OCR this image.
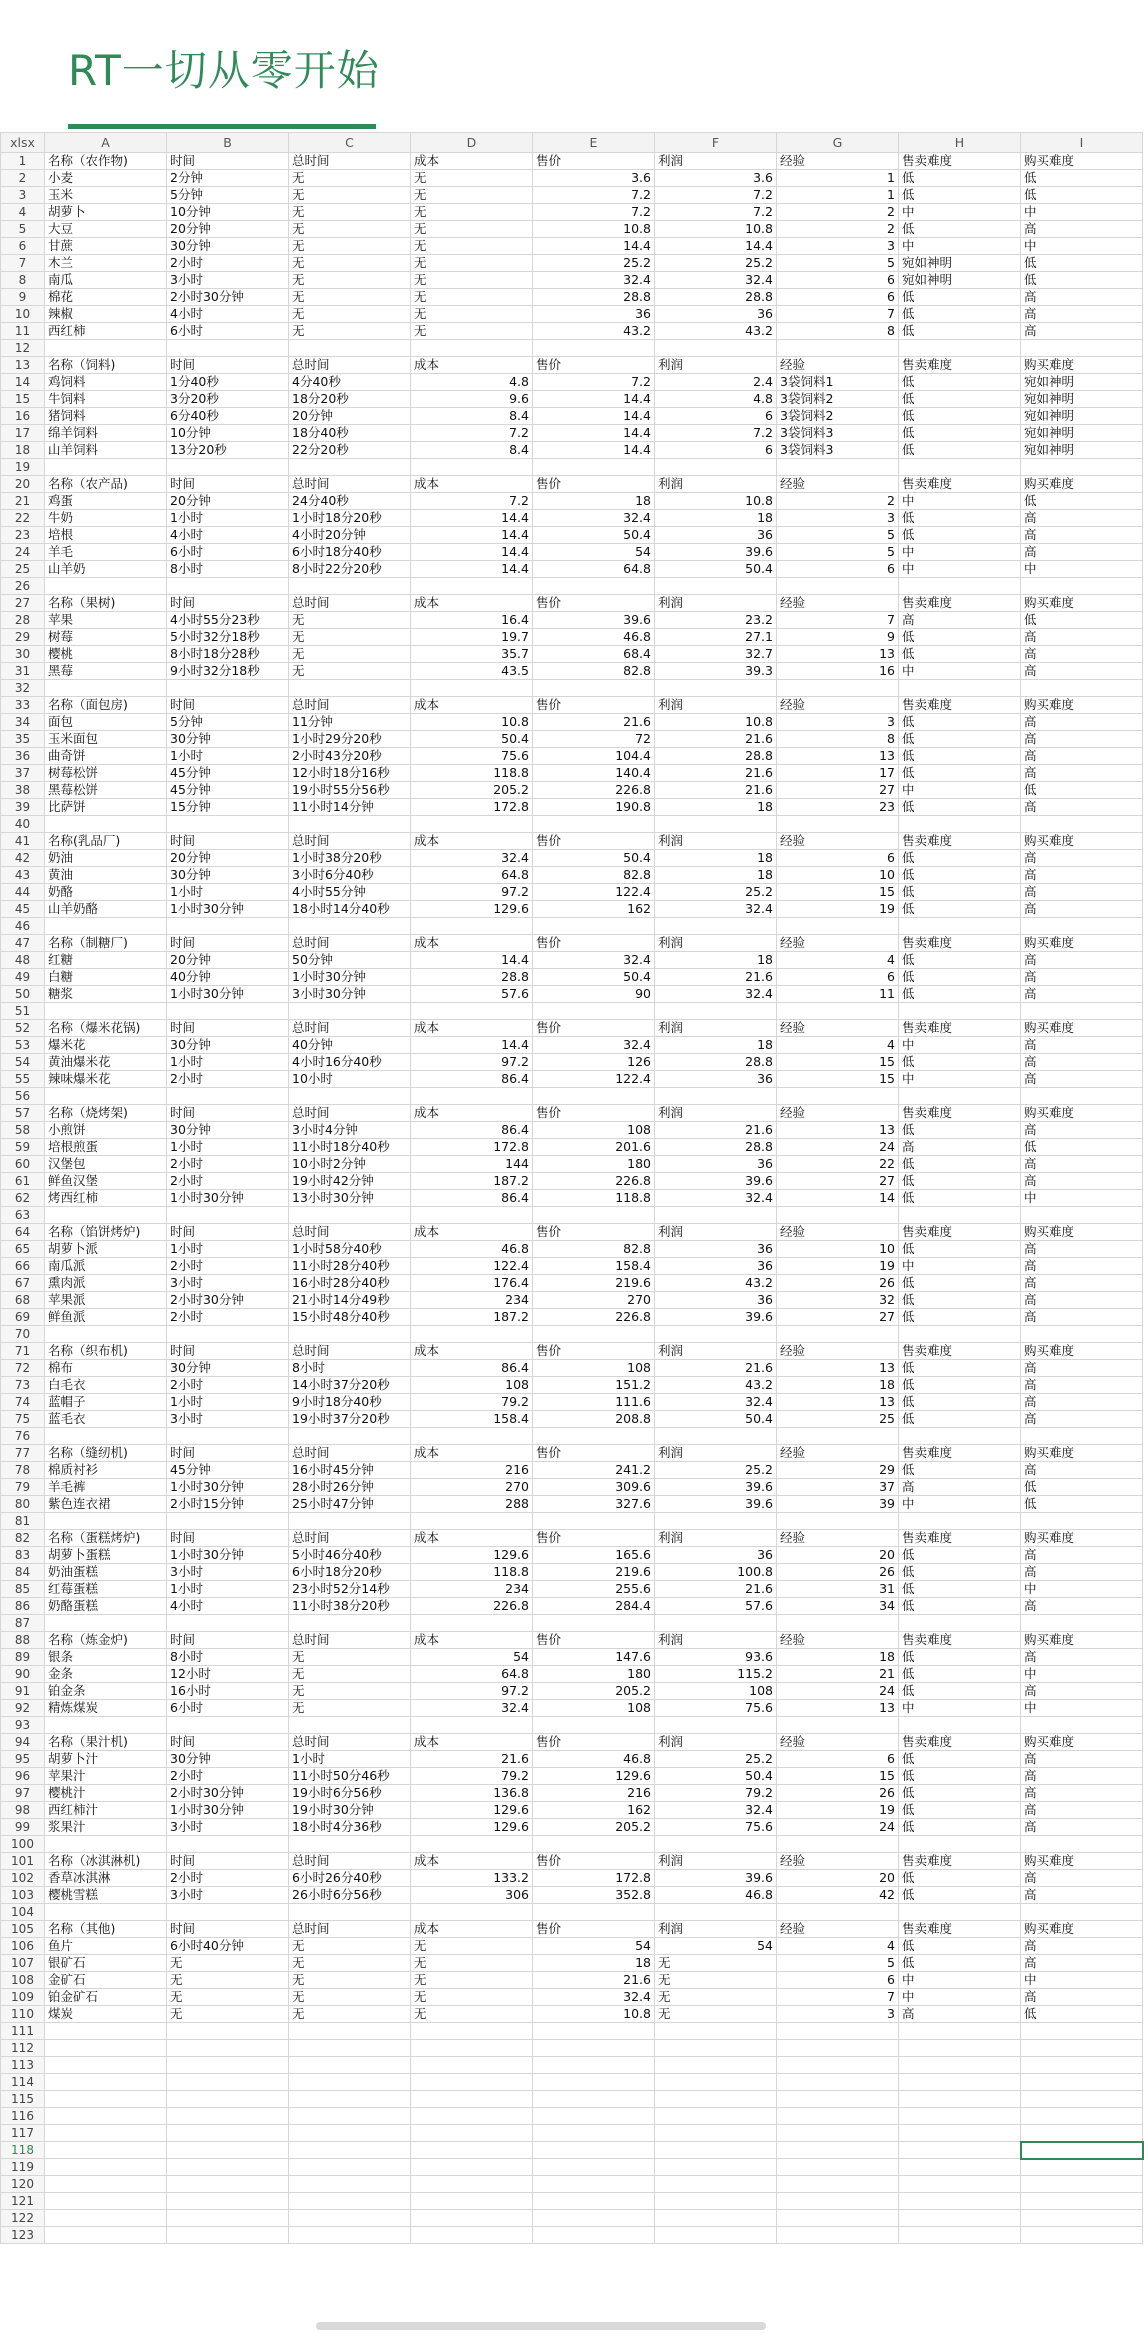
RT一切从零开始
xlsx	A	B	C	D	E	F	G	H	I
1	名称（农作物)	时间	总时间	成本	售价	利润	经验	售卖难度	购买难度
2	小麦	2分钟	无	无	3.6	3.6	1	低	低
3	玉米	5分钟	无	无	7.2	7.2	1	低	低
4	胡萝卜	10分钟	无	无	7.2	7.2	2	中	中
5	大豆	20分钟	无	无	10.8	10.8	2	低	高
6	甘蔗	30分钟	无	无	14.4	14.4	3	中	中
7	木兰	2小时	无	无	25.2	25.2	5	宛如神明	低
8	南瓜	3小时	无	无	32.4	32.4	6	宛如神明	低
9	棉花	2小时30分钟	无	无	28.8	28.8	6	低	高
10	辣椒	4小时	无	无	36	36	7	低	高
11	西红柿	6小时	无	无	43.2	43.2	8	低	高
12									
13	名称（饲料)	时间	总时间	成本	售价	利润	经验	售卖难度	购买难度
14	鸡饲料	1分40秒	4分40秒	4.8	7.2	2.4	3袋饲料1	低	宛如神明
15	牛饲料	3分20秒	18分20秒	9.6	14.4	4.8	3袋饲料2	低	宛如神明
16	猪饲料	6分40秒	20分钟	8.4	14.4	6	3袋饲料2	低	宛如神明
17	绵羊饲料	10分钟	18分40秒	7.2	14.4	7.2	3袋饲料3	低	宛如神明
18	山羊饲料	13分20秒	22分20秒	8.4	14.4	6	3袋饲料3	低	宛如神明
19									
20	名称（农产品)	时间	总时间	成本	售价	利润	经验	售卖难度	购买难度
21	鸡蛋	20分钟	24分40秒	7.2	18	10.8	2	中	低
22	牛奶	1小时	1小时18分20秒	14.4	32.4	18	3	低	高
23	培根	4小时	4小时20分钟	14.4	50.4	36	5	低	高
24	羊毛	6小时	6小时18分40秒	14.4	54	39.6	5	中	高
25	山羊奶	8小时	8小时22分20秒	14.4	64.8	50.4	6	中	中
26									
27	名称（果树)	时间	总时间	成本	售价	利润	经验	售卖难度	购买难度
28	苹果	4小时55分23秒	无	16.4	39.6	23.2	7	高	低
29	树莓	5小时32分18秒	无	19.7	46.8	27.1	9	低	高
30	樱桃	8小时18分28秒	无	35.7	68.4	32.7	13	低	高
31	黑莓	9小时32分18秒	无	43.5	82.8	39.3	16	中	高
32									
33	名称（面包房)	时间	总时间	成本	售价	利润	经验	售卖难度	购买难度
34	面包	5分钟	11分钟	10.8	21.6	10.8	3	低	高
35	玉米面包	30分钟	1小时29分20秒	50.4	72	21.6	8	低	高
36	曲奇饼	1小时	2小时43分20秒	75.6	104.4	28.8	13	低	高
37	树莓松饼	45分钟	12小时18分16秒	118.8	140.4	21.6	17	低	高
38	黑莓松饼	45分钟	19小时55分56秒	205.2	226.8	21.6	27	中	低
39	比萨饼	15分钟	11小时14分钟	172.8	190.8	18	23	低	高
40									
41	名称(乳品厂)	时间	总时间	成本	售价	利润	经验	售卖难度	购买难度
42	奶油	20分钟	1小时38分20秒	32.4	50.4	18	6	低	高
43	黄油	30分钟	3小时6分40秒	64.8	82.8	18	10	低	高
44	奶酪	1小时	4小时55分钟	97.2	122.4	25.2	15	低	高
45	山羊奶酪	1小时30分钟	18小时14分40秒	129.6	162	32.4	19	低	高
46									
47	名称（制糖厂)	时间	总时间	成本	售价	利润	经验	售卖难度	购买难度
48	红糖	20分钟	50分钟	14.4	32.4	18	4	低	高
49	白糖	40分钟	1小时30分钟	28.8	50.4	21.6	6	低	高
50	糖浆	1小时30分钟	3小时30分钟	57.6	90	32.4	11	低	高
51									
52	名称（爆米花锅)	时间	总时间	成本	售价	利润	经验	售卖难度	购买难度
53	爆米花	30分钟	40分钟	14.4	32.4	18	4	中	高
54	黄油爆米花	1小时	4小时16分40秒	97.2	126	28.8	15	低	高
55	辣味爆米花	2小时	10小时	86.4	122.4	36	15	中	高
56									
57	名称（烧烤架)	时间	总时间	成本	售价	利润	经验	售卖难度	购买难度
58	小煎饼	30分钟	3小时4分钟	86.4	108	21.6	13	低	高
59	培根煎蛋	1小时	11小时18分40秒	172.8	201.6	28.8	24	高	低
60	汉堡包	2小时	10小时2分钟	144	180	36	22	低	高
61	鲜鱼汉堡	2小时	19小时42分钟	187.2	226.8	39.6	27	低	高
62	烤西红柿	1小时30分钟	13小时30分钟	86.4	118.8	32.4	14	低	中
63									
64	名称（馅饼烤炉)	时间	总时间	成本	售价	利润	经验	售卖难度	购买难度
65	胡萝卜派	1小时	1小时58分40秒	46.8	82.8	36	10	低	高
66	南瓜派	2小时	11小时28分40秒	122.4	158.4	36	19	中	高
67	熏肉派	3小时	16小时28分40秒	176.4	219.6	43.2	26	低	高
68	苹果派	2小时30分钟	21小时14分49秒	234	270	36	32	低	高
69	鲜鱼派	2小时	15小时48分40秒	187.2	226.8	39.6	27	低	高
70									
71	名称（织布机)	时间	总时间	成本	售价	利润	经验	售卖难度	购买难度
72	棉布	30分钟	8小时	86.4	108	21.6	13	低	高
73	白毛衣	2小时	14小时37分20秒	108	151.2	43.2	18	低	高
74	蓝帽子	1小时	9小时18分40秒	79.2	111.6	32.4	13	低	高
75	蓝毛衣	3小时	19小时37分20秒	158.4	208.8	50.4	25	低	高
76									
77	名称（缝纫机)	时间	总时间	成本	售价	利润	经验	售卖难度	购买难度
78	棉质衬衫	45分钟	16小时45分钟	216	241.2	25.2	29	低	高
79	羊毛裤	1小时30分钟	28小时26分钟	270	309.6	39.6	37	高	低
80	紫色连衣裙	2小时15分钟	25小时47分钟	288	327.6	39.6	39	中	低
81									
82	名称（蛋糕烤炉)	时间	总时间	成本	售价	利润	经验	售卖难度	购买难度
83	胡萝卜蛋糕	1小时30分钟	5小时46分40秒	129.6	165.6	36	20	低	高
84	奶油蛋糕	3小时	6小时18分20秒	118.8	219.6	100.8	26	低	高
85	红莓蛋糕	1小时	23小时52分14秒	234	255.6	21.6	31	低	中
86	奶酪蛋糕	4小时	11小时38分20秒	226.8	284.4	57.6	34	低	高
87									
88	名称（炼金炉)	时间	总时间	成本	售价	利润	经验	售卖难度	购买难度
89	银条	8小时	无	54	147.6	93.6	18	低	高
90	金条	12小时	无	64.8	180	115.2	21	低	中
91	铂金条	16小时	无	97.2	205.2	108	24	低	高
92	精炼煤炭	6小时	无	32.4	108	75.6	13	中	中
93									
94	名称（果汁机)	时间	总时间	成本	售价	利润	经验	售卖难度	购买难度
95	胡萝卜汁	30分钟	1小时	21.6	46.8	25.2	6	低	高
96	苹果汁	2小时	11小时50分46秒	79.2	129.6	50.4	15	低	高
97	樱桃汁	2小时30分钟	19小时6分56秒	136.8	216	79.2	26	低	高
98	西红柿汁	1小时30分钟	19小时30分钟	129.6	162	32.4	19	低	高
99	浆果汁	3小时	18小时4分36秒	129.6	205.2	75.6	24	低	高
100									
101	名称（冰淇淋机)	时间	总时间	成本	售价	利润	经验	售卖难度	购买难度
102	香草冰淇淋	2小时	6小时26分40秒	133.2	172.8	39.6	20	低	高
103	樱桃雪糕	3小时	26小时6分56秒	306	352.8	46.8	42	低	高
104									
105	名称（其他)	时间	总时间	成本	售价	利润	经验	售卖难度	购买难度
106	鱼片	6小时40分钟	无	无	54	54	4	低	高
107	银矿石	无	无	无	18	无	5	低	高
108	金矿石	无	无	无	21.6	无	6	中	中
109	铂金矿石	无	无	无	32.4	无	7	中	高
110	煤炭	无	无	无	10.8	无	3	高	低
111									
112									
113									
114									
115									
116									
117									
118									
119									
120									
121									
122									
123									
